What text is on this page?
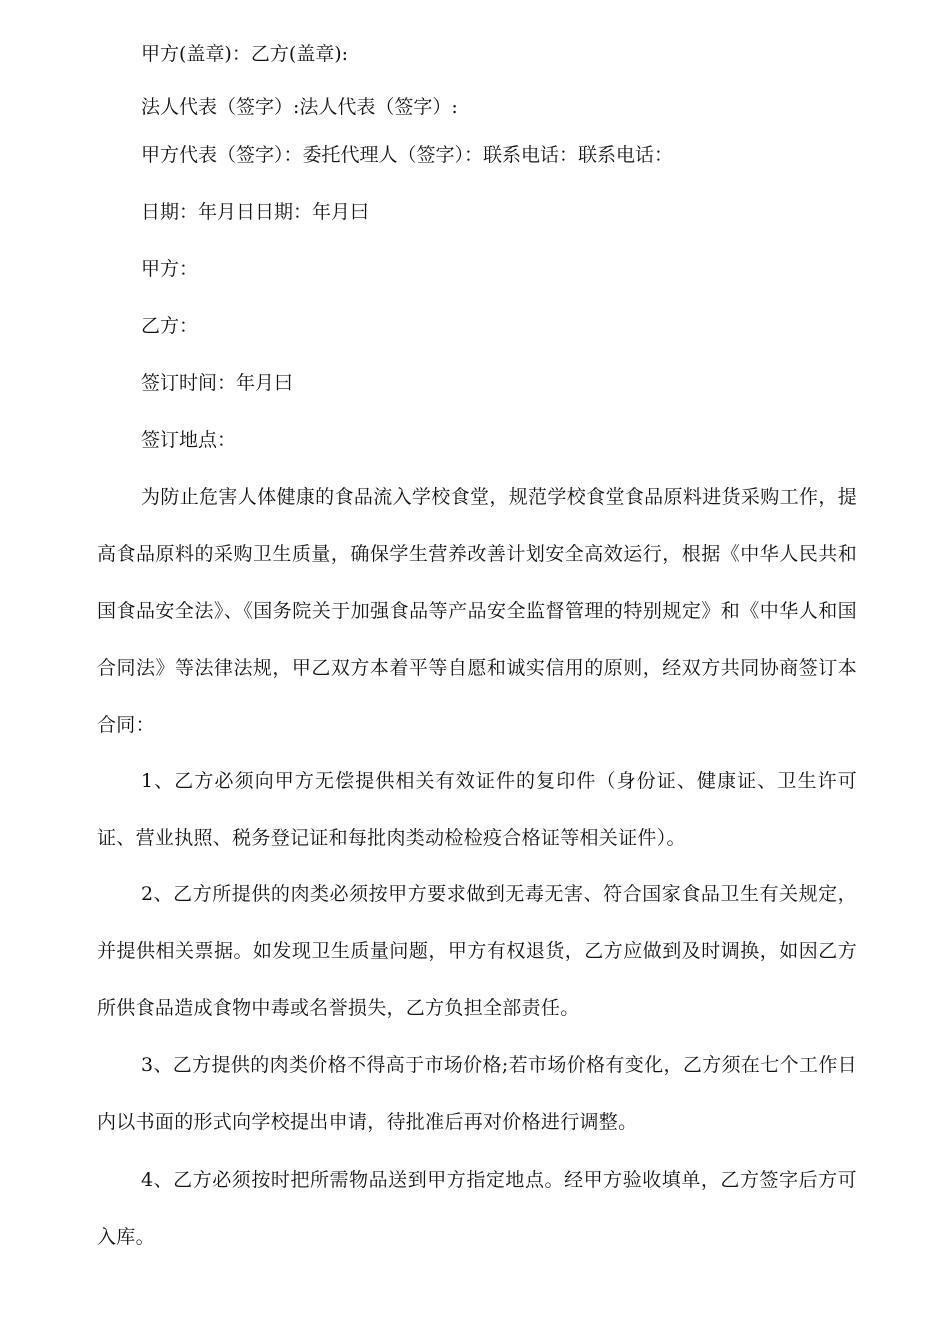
甲方(盖章)：乙方(盖章):
法人代表（签字）:法人代表（签字）:
甲方代表（签字）：委托代理人（签字）：联系电话：联系电话：
日期：年月日日期：年月曰
甲方：
乙方：
签订时间：年月曰
签订地点：
为防止危害人体健康的食品流入学校食堂，规范学校食堂食品原料进货采购工作，提高食品原料的采购卫生质量，确保学生营养改善计划安全高效运行，根据《中华人民共和国食品安全法》、《国务院关于加强食品等产品安全监督管理的特别规定》和《中华人和国合同法》等法律法规，甲乙双方本着平等自愿和诚实信用的原则，经双方共同协商签订本合同：
1、乙方必须向甲方无偿提供相关有效证件的复印件（身份证、健康证、卫生许可证、营业执照、税务登记证和每批肉类动检检疫合格证等相关证件）。
2、乙方所提供的肉类必须按甲方要求做到无毒无害、符合国家食品卫生有关规定，并提供相关票据。如发现卫生质量问题，甲方有权退货，乙方应做到及时调换，如因乙方所供食品造成食物中毒或名誉损失，乙方负担全部责任。
3、乙方提供的肉类价格不得高于市场价格;若市场价格有变化，乙方须在七个工作日内以书面的形式向学校提出申请，待批准后再对价格进行调整。
4、乙方必须按时把所需物品送到甲方指定地点。经甲方验收填单，乙方签字后方可入库。
